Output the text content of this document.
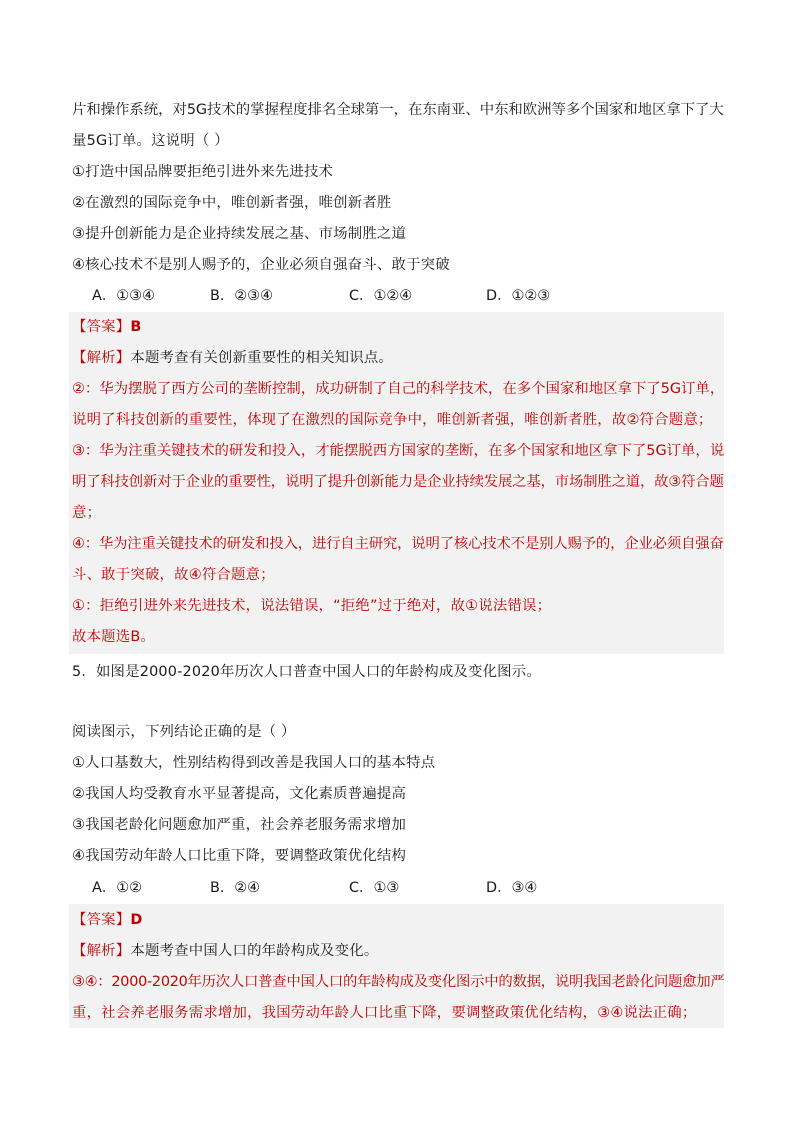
片和操作系统，对5G技术的掌握程度排名全球第一，在东南亚、中东和欧洲等多个国家和地区拿下了大
量5G订单。这说明（ ）
①打造中国品牌要拒绝引进外来先进技术
②在激烈的国际竞争中，唯创新者强，唯创新者胜
③提升创新能力是企业持续发展之基、市场制胜之道
④核心技术不是别人赐予的，企业必须自强奋斗、敢于突破
A．①③④	B．②③④	C．①②④	D．①②③
【答案】B
【解析】本题考查有关创新重要性的相关知识点。
②：华为摆脱了西方公司的垄断控制，成功研制了自己的科学技术，在多个国家和地区拿下了5G订单，
说明了科技创新的重要性，体现了在激烈的国际竞争中，唯创新者强，唯创新者胜，故②符合题意；
③：华为注重关键技术的研发和投入，才能摆脱西方国家的垄断，在多个国家和地区拿下了5G订单，说
明了科技创新对于企业的重要性，说明了提升创新能力是企业持续发展之基，市场制胜之道，故③符合题
意；
④：华为注重关键技术的研发和投入，进行自主研究，说明了核心技术不是别人赐予的，企业必须自强奋
斗、敢于突破，故④符合题意；
①：拒绝引进外来先进技术，说法错误，“拒绝”过于绝对，故①说法错误；
故本题选B。
5．如图是2000-2020年历次人口普查中国人口的年龄构成及变化图示。
阅读图示，下列结论正确的是（ ）
①人口基数大，性别结构得到改善是我国人口的基本特点
②我国人均受教育水平显著提高，文化素质普遍提高
③我国老龄化问题愈加严重，社会养老服务需求增加
④我国劳动年龄人口比重下降，要调整政策优化结构
A．①②	B．②④	C．①③	D．③④
【答案】D
【解析】本题考查中国人口的年龄构成及变化。
③④：2000-2020年历次人口普查中国人口的年龄构成及变化图示中的数据，说明我国老龄化问题愈加严
重，社会养老服务需求增加，我国劳动年龄人口比重下降，要调整政策优化结构，③④说法正确；
